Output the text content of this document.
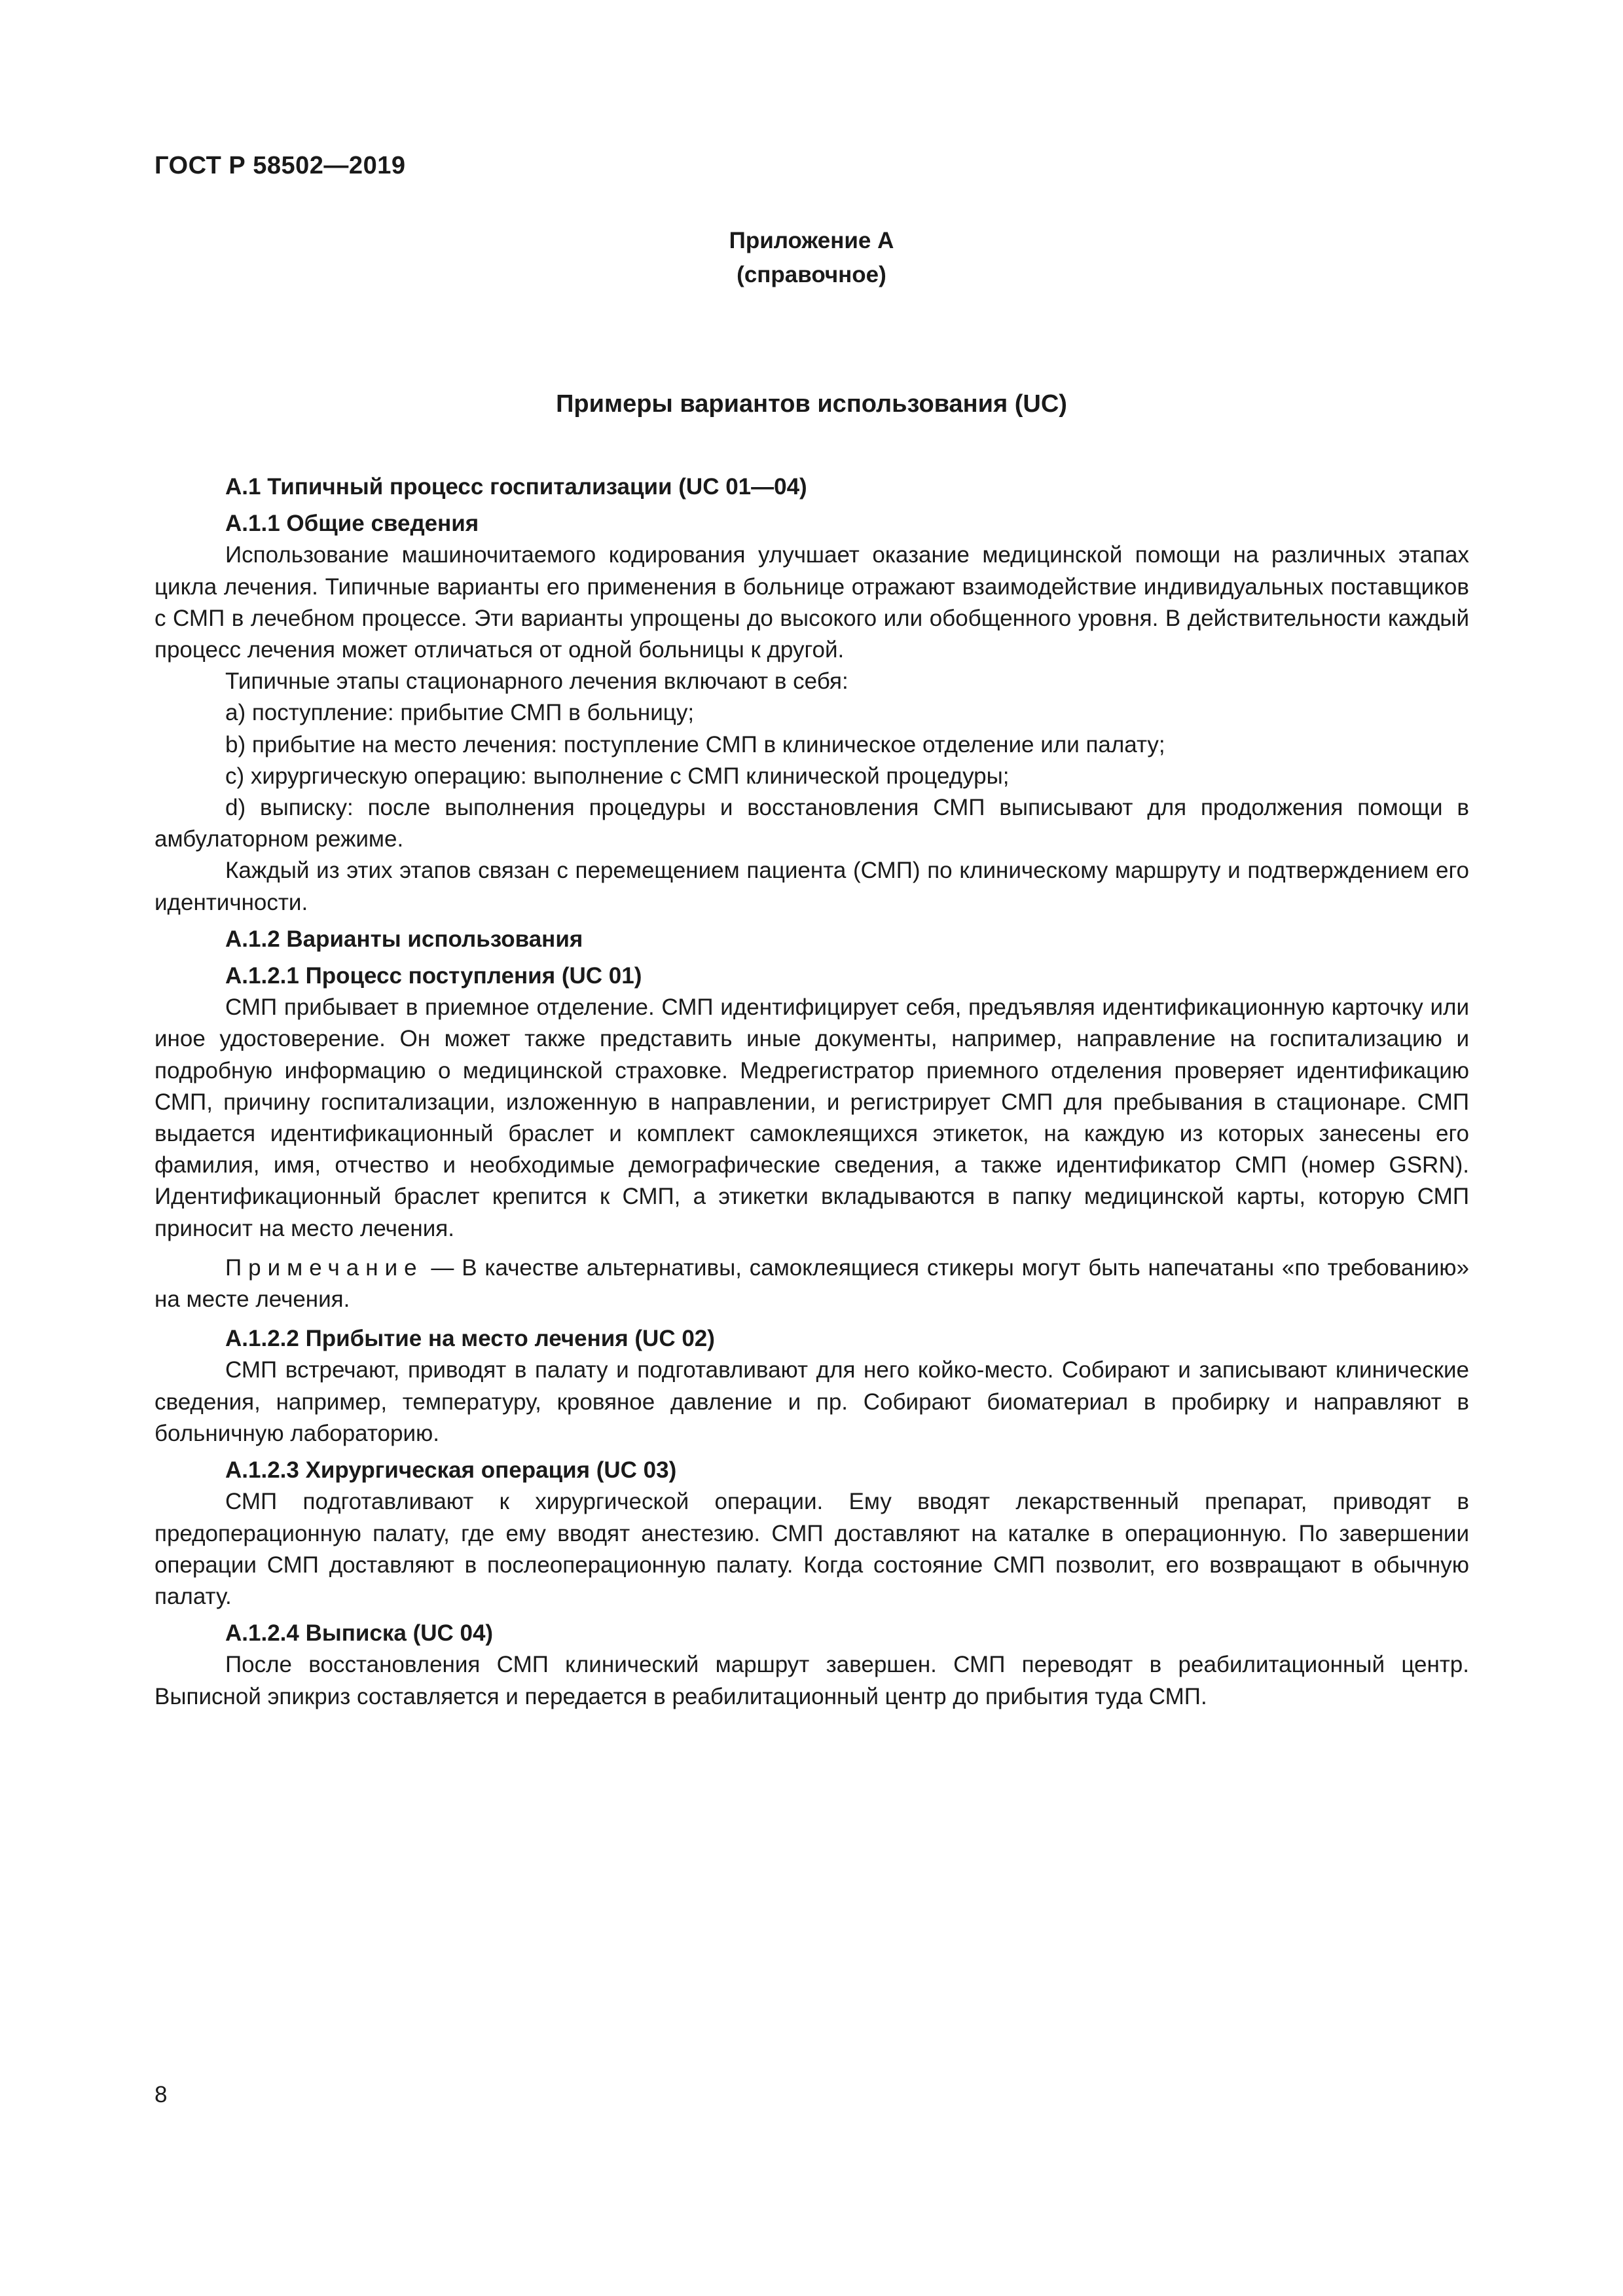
ГОСТ Р 58502—2019
Приложение А
(справочное)
Примеры вариантов использования (UC)
А.1 Типичный процесс госпитализации (UC 01—04)
А.1.1 Общие сведения

Использование машиночитаемого кодирования улучшает оказание медицинской помощи на различных этапах цикла лечения. Типичные варианты его применения в больнице отражают взаимодействие индивидуальных поставщиков с СМП в лечебном процессе. Эти варианты упрощены до высокого или обобщенного уровня. В действительности каждый процесс лечения может отличаться от одной больницы к другой.

Типичные этапы стационарного лечения включают в себя:

a) поступление: прибытие СМП в больницу;

b) прибытие на место лечения: поступление СМП в клиническое отделение или палату;

c) хирургическую операцию: выполнение с СМП клинической процедуры;

d) выписку: после выполнения процедуры и восстановления СМП выписывают для продолжения помощи в амбулаторном режиме.

Каждый из этих этапов связан с перемещением пациента (СМП) по клиническому маршруту и подтверждением его идентичности.

А.1.2 Варианты использования
А.1.2.1 Процесс поступления (UC 01)

СМП прибывает в приемное отделение. СМП идентифицирует себя, предъявляя идентификационную карточку или иное удостоверение. Он может также представить иные документы, например, направление на госпитализацию и подробную информацию о медицинской страховке. Медрегистратор приемного отделения проверяет идентификацию СМП, причину госпитализации, изложенную в направлении, и регистрирует СМП для пребывания в стационаре. СМП выдается идентификационный браслет и комплект самоклеящихся этикеток, на каждую из которых занесены его фамилия, имя, отчество и необходимые демографические сведения, а также идентификатор СМП (номер GSRN). Идентификационный браслет крепится к СМП, а этикетки вкладываются в папку медицинской карты, которую СМП приносит на место лечения.

Примечание — В качестве альтернативы, самоклеящиеся стикеры могут быть напечатаны «по требованию» на месте лечения.

А.1.2.2 Прибытие на место лечения (UC 02)

СМП встречают, приводят в палату и подготавливают для него койко-место. Собирают и записывают клинические сведения, например, температуру, кровяное давление и пр. Собирают биоматериал в пробирку и направляют в больничную лабораторию.

А.1.2.3 Хирургическая операция (UC 03)

СМП подготавливают к хирургической операции. Ему вводят лекарственный препарат, приводят в предоперационную палату, где ему вводят анестезию. СМП доставляют на каталке в операционную. По завершении операции СМП доставляют в послеоперационную палату. Когда состояние СМП позволит, его возвращают в обычную палату.

А.1.2.4 Выписка (UC 04)

После восстановления СМП клинический маршрут завершен. СМП переводят в реабилитационный центр. Выписной эпикриз составляется и передается в реабилитационный центр до прибытия туда СМП.

8
